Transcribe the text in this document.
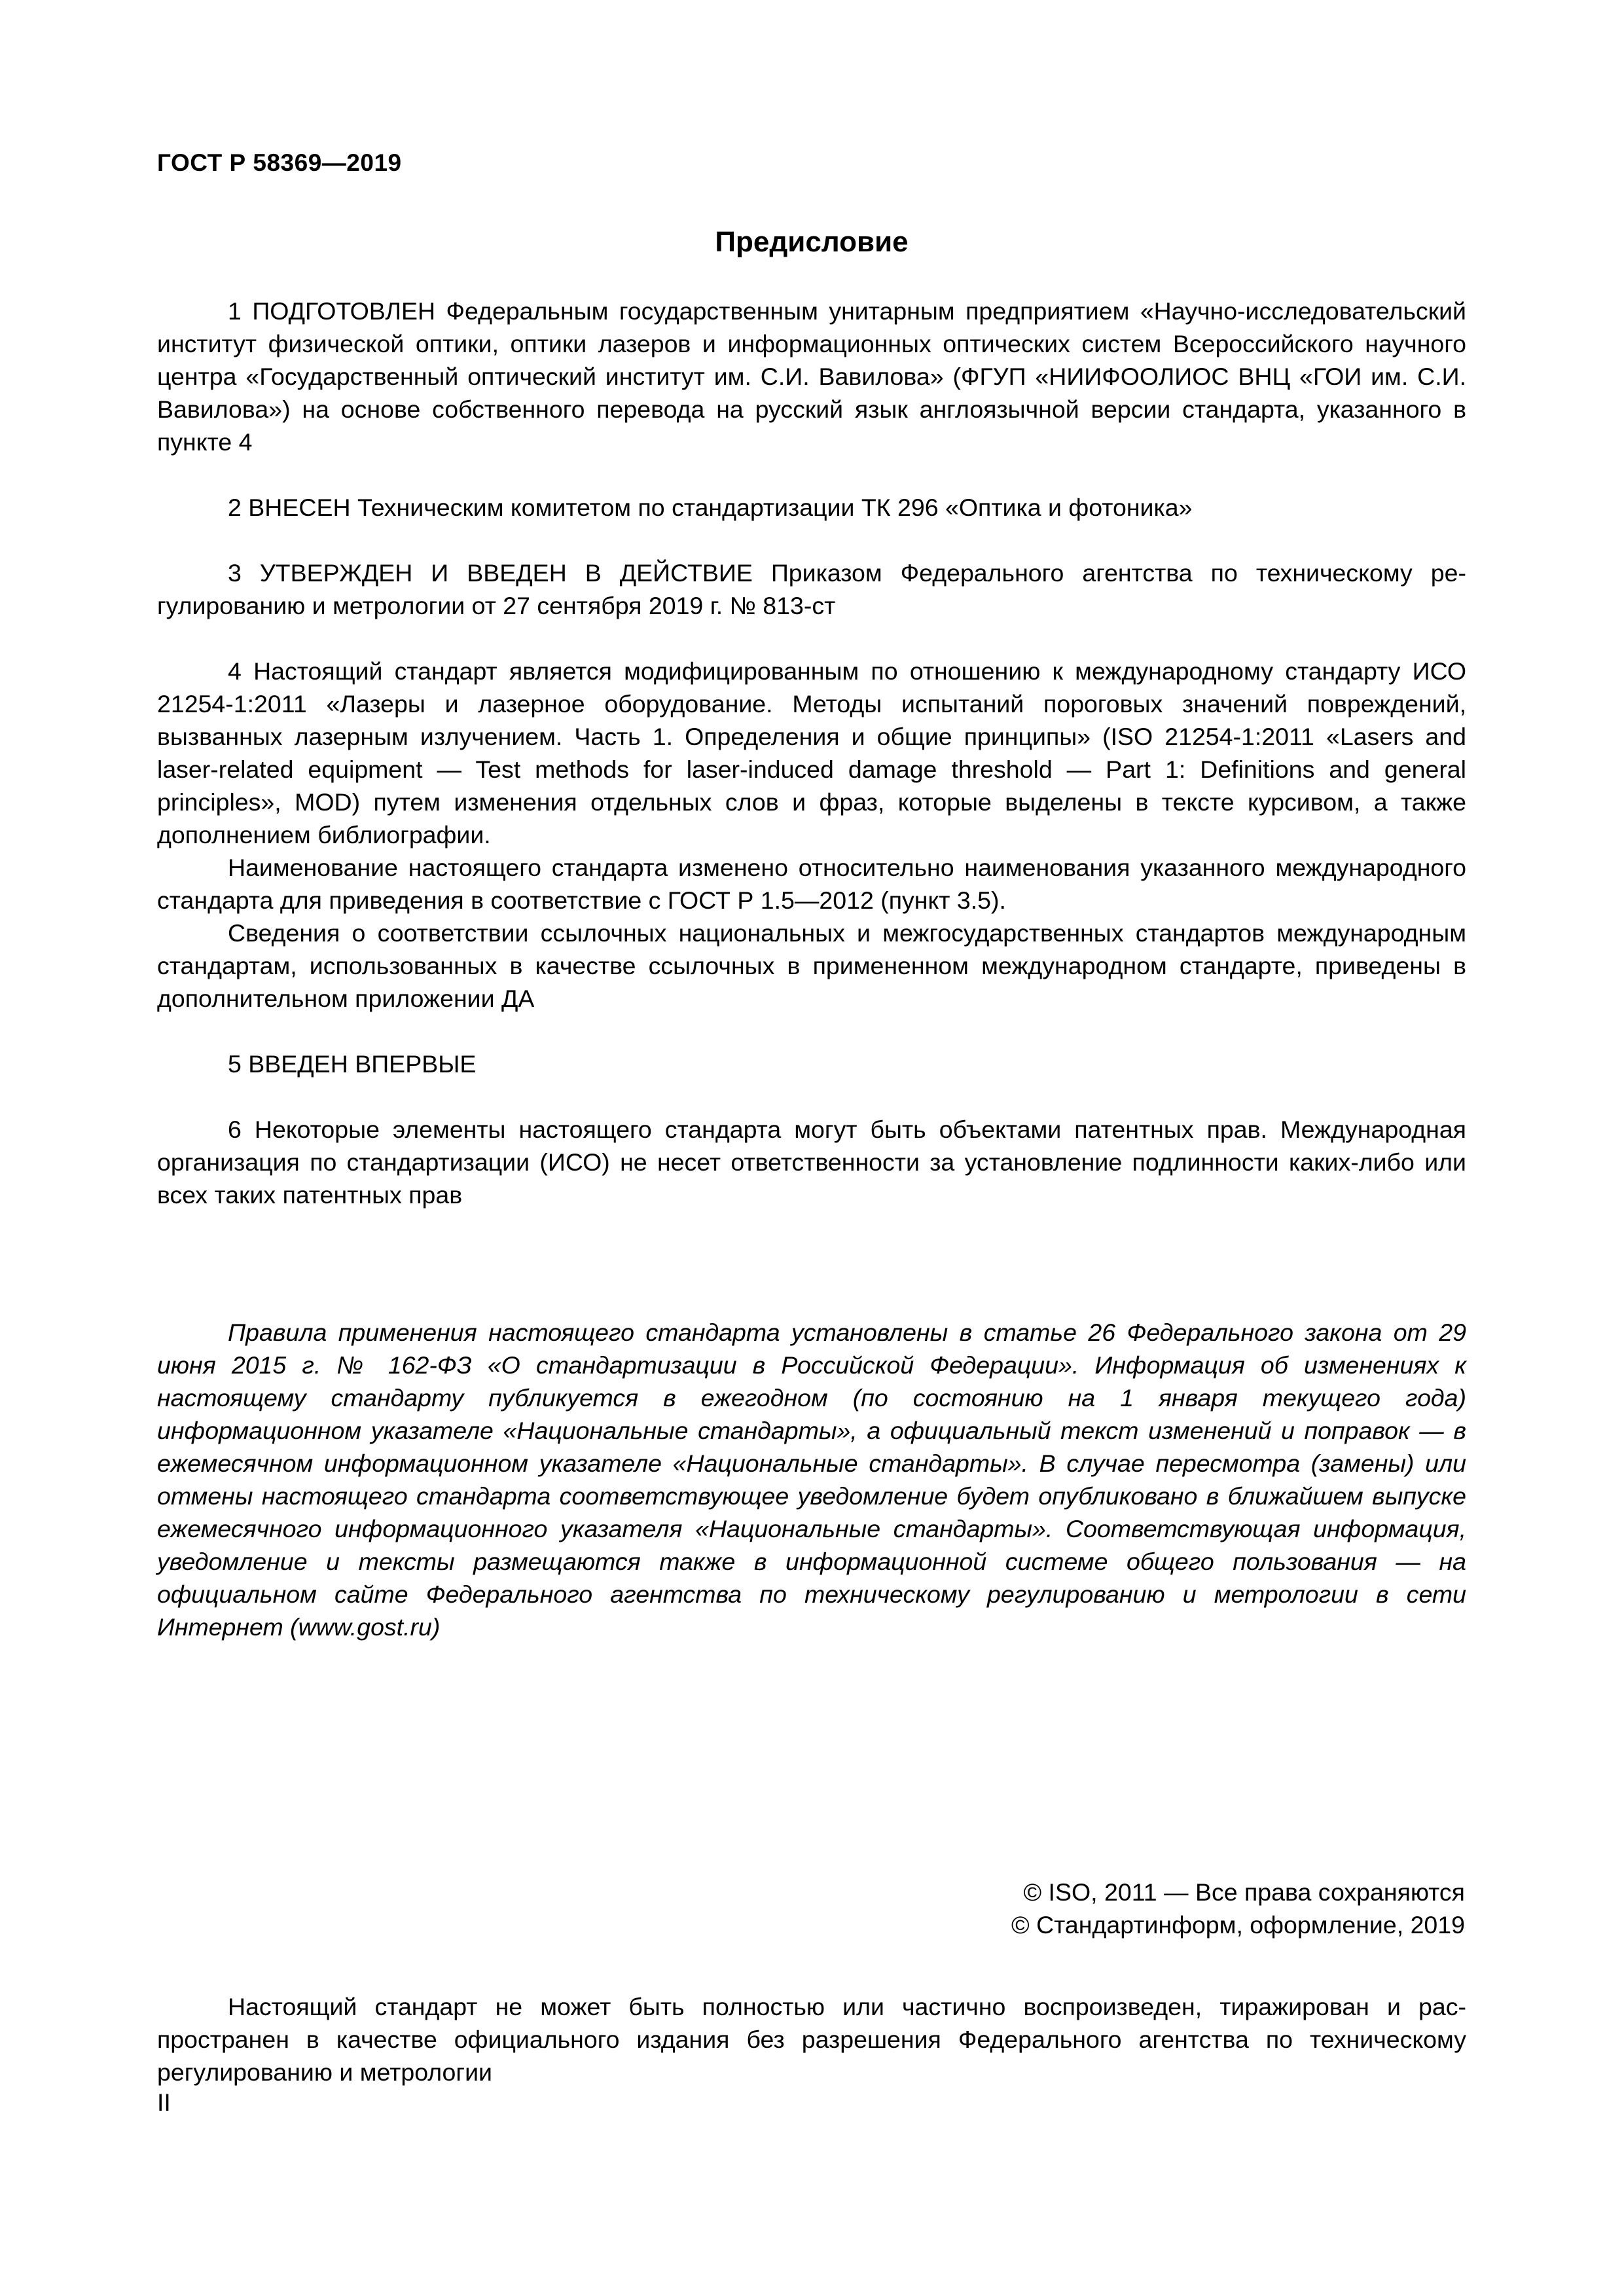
ГОСТ Р 58369—2019
Предисловие

1 ПОДГОТОВЛЕН Федеральным государственным унитарным предприятием «Научно-исследовательский институт физической оптики, оптики лазеров и информационных оптических систем Всероссийского научного центра «Государственный оптический институт им. С.И. Вавилова» (ФГУП «НИИФООЛИОС ВНЦ «ГОИ им. С.И. Вавилова») на основе собственного перевода на русский язык англоязычной версии стандарта, указанного в пункте 4

2 ВНЕСЕН Техническим комитетом по стандартизации ТК 296 «Оптика и фотоника»

3 УТВЕРЖДЕН И ВВЕДЕН В ДЕЙСТВИЕ Приказом Федерального агентства по техническому регулированию и метрологии от 27 сентября 2019 г. № 813-ст

4 Настоящий стандарт является модифицированным по отношению к международному стандарту ИСО 21254-1:2011 «Лазеры и лазерное оборудование. Методы испытаний пороговых значений повреждений, вызванных лазерным излучением. Часть 1. Определения и общие принципы» (ISO 21254-1:2011 «Lasers and laser-related equipment — Test methods for laser-induced damage threshold — Part 1: Definitions and general principles», MOD) путем изменения отдельных слов и фраз, которые выделены в тексте курсивом, а также дополнением библиографии.

Наименование настоящего стандарта изменено относительно наименования указанного международного стандарта для приведения в соответствие с ГОСТ Р 1.5—2012 (пункт 3.5).

Сведения о соответствии ссылочных национальных и межгосударственных стандартов международным стандартам, использованных в качестве ссылочных в примененном международном стандарте, приведены в дополнительном приложении ДА

5 ВВЕДЕН ВПЕРВЫЕ

6 Некоторые элементы настоящего стандарта могут быть объектами патентных прав. Международная организация по стандартизации (ИСО) не несет ответственности за установление подлинности каких-либо или всех таких патентных прав

Правила применения настоящего стандарта установлены в статье 26 Федерального закона от 29 июня 2015 г. № 162-ФЗ «О стандартизации в Российской Федерации». Информация об изменениях к настоящему стандарту публикуется в ежегодном (по состоянию на 1 января текущего года) информационном указателе «Национальные стандарты», а официальный текст изменений и поправок — в ежемесячном информационном указателе «Национальные стандарты». В случае пересмотра (замены) или отмены настоящего стандарта соответствующее уведомление будет опубликовано в ближайшем выпуске ежемесячного информационного указателя «Национальные стандарты». Соответствующая информация, уведомление и тексты размещаются также в информационной системе общего пользования — на официальном сайте Федерального агентства по техническому регулированию и метрологии в сети Интернет (www.gost.ru)

© ISO, 2011 — Все права сохраняются
© Стандартинформ, оформление, 2019

Настоящий стандарт не может быть полностью или частично воспроизведен, тиражирован и распространен в качестве официального издания без разрешения Федерального агентства по техническому регулированию и метрологии

II
